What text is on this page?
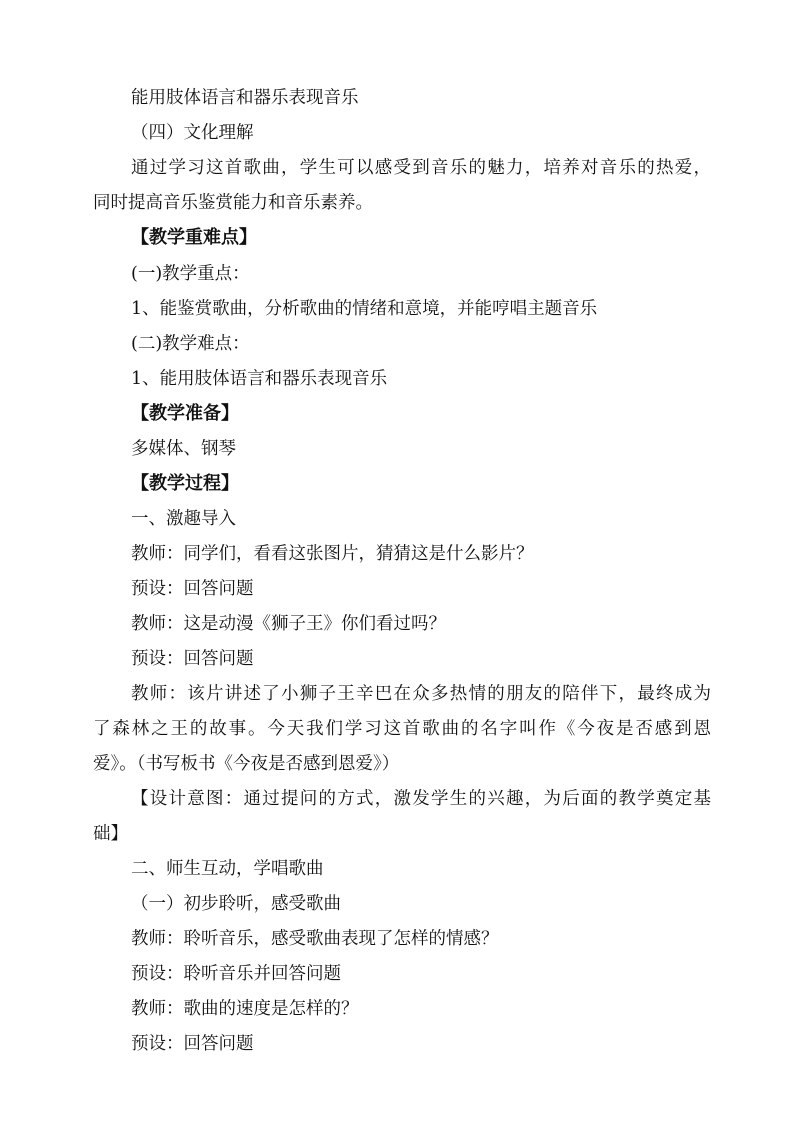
能用肢体语言和器乐表现音乐
（四）文化理解
通过学习这首歌曲，学生可以感受到音乐的魅力，培养对音乐的热爱，
同时提高音乐鉴赏能力和音乐素养。
【教学重难点】
(一)教学重点：
1、能鉴赏歌曲，分析歌曲的情绪和意境，并能哼唱主题音乐
(二)教学难点：
1、能用肢体语言和器乐表现音乐
【教学准备】
多媒体、钢琴
【教学过程】
一、激趣导入
教师：同学们，看看这张图片，猜猜这是什么影片？
预设：回答问题
教师：这是动漫《狮子王》你们看过吗？
预设：回答问题
教师：该片讲述了小狮子王辛巴在众多热情的朋友的陪伴下，最终成为
了森林之王的故事。今天我们学习这首歌曲的名字叫作《今夜是否感到恩
爱》。（书写板书《今夜是否感到恩爱》）
【设计意图：通过提问的方式，激发学生的兴趣，为后面的教学奠定基
础】
二、师生互动，学唱歌曲
（一）初步聆听，感受歌曲
教师：聆听音乐，感受歌曲表现了怎样的情感？
预设：聆听音乐并回答问题
教师：歌曲的速度是怎样的？
预设：回答问题
